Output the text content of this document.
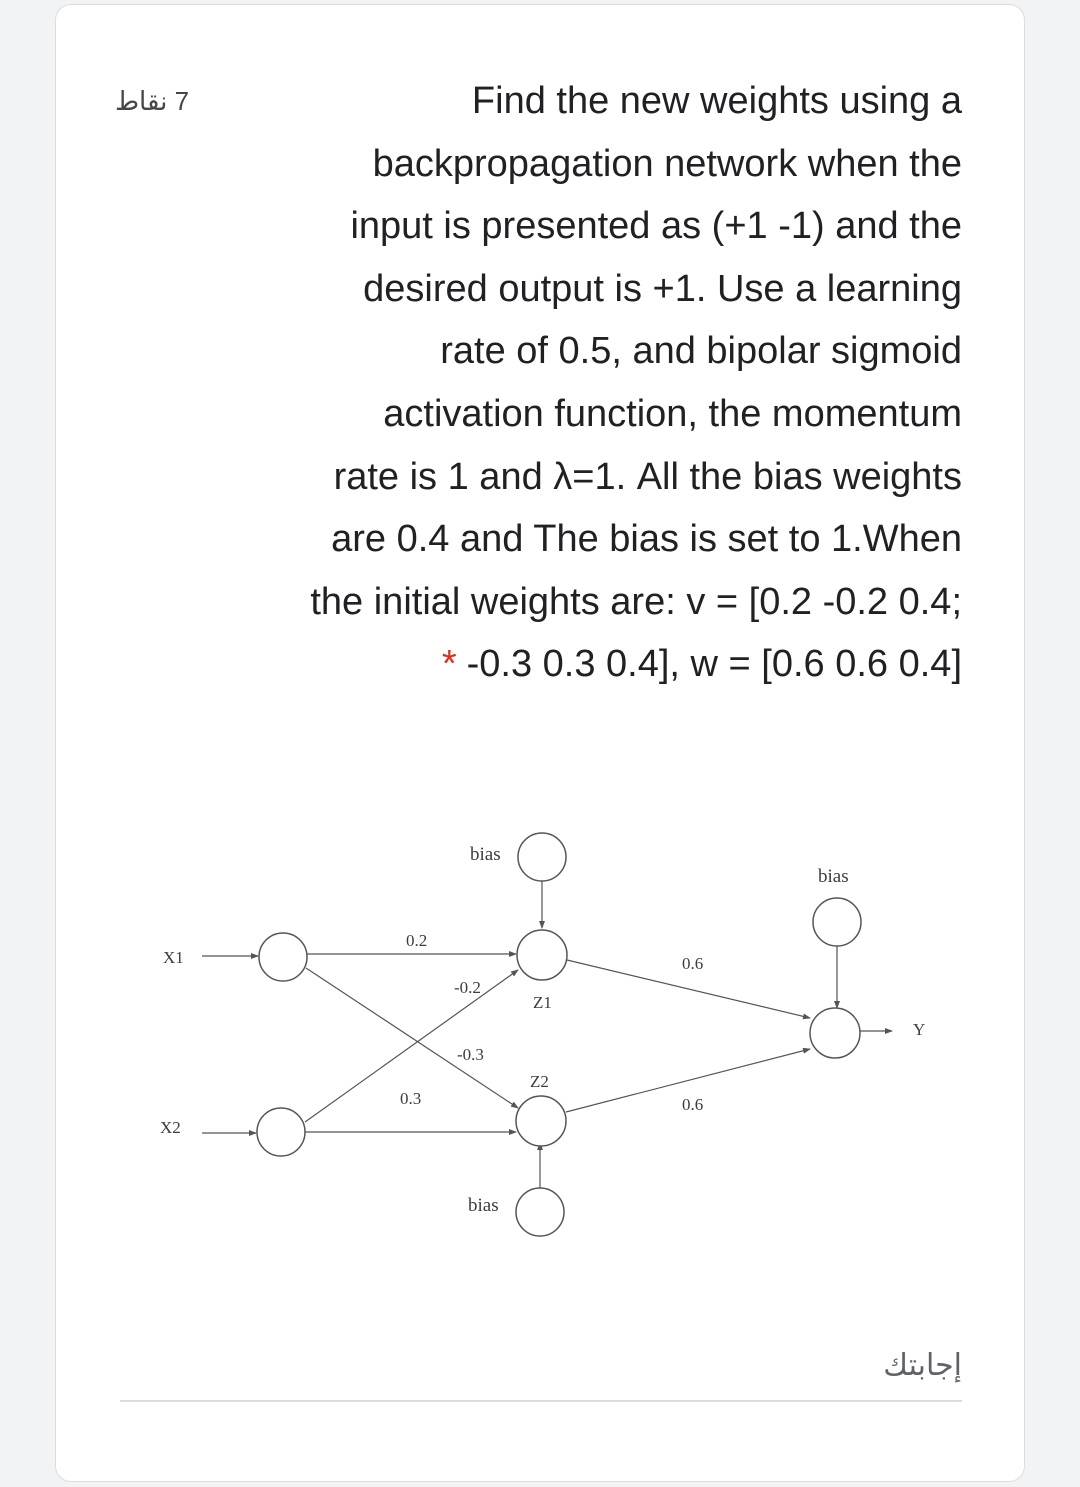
7 نقاط	Find the new weights using a
backpropagation network when the
input is presented as (+1 -1) and the
desired output is +1. Use a learning
rate of 0.5, and bipolar sigmoid
activation function, the momentum
rate is 1 and λ=1. All the bias weights
are 0.4 and The bias is set to 1.When
the initial weights are: v = [0.2 -0.2 0.4;
* -0.3 0.3 0.4], w = [0.6 0.6 0.4]

X1
X2
Y
bias
bias
bias
Z1
Z2
0.2
-0.2
-0.3
0.3
0.6
0.6
إجابتك
